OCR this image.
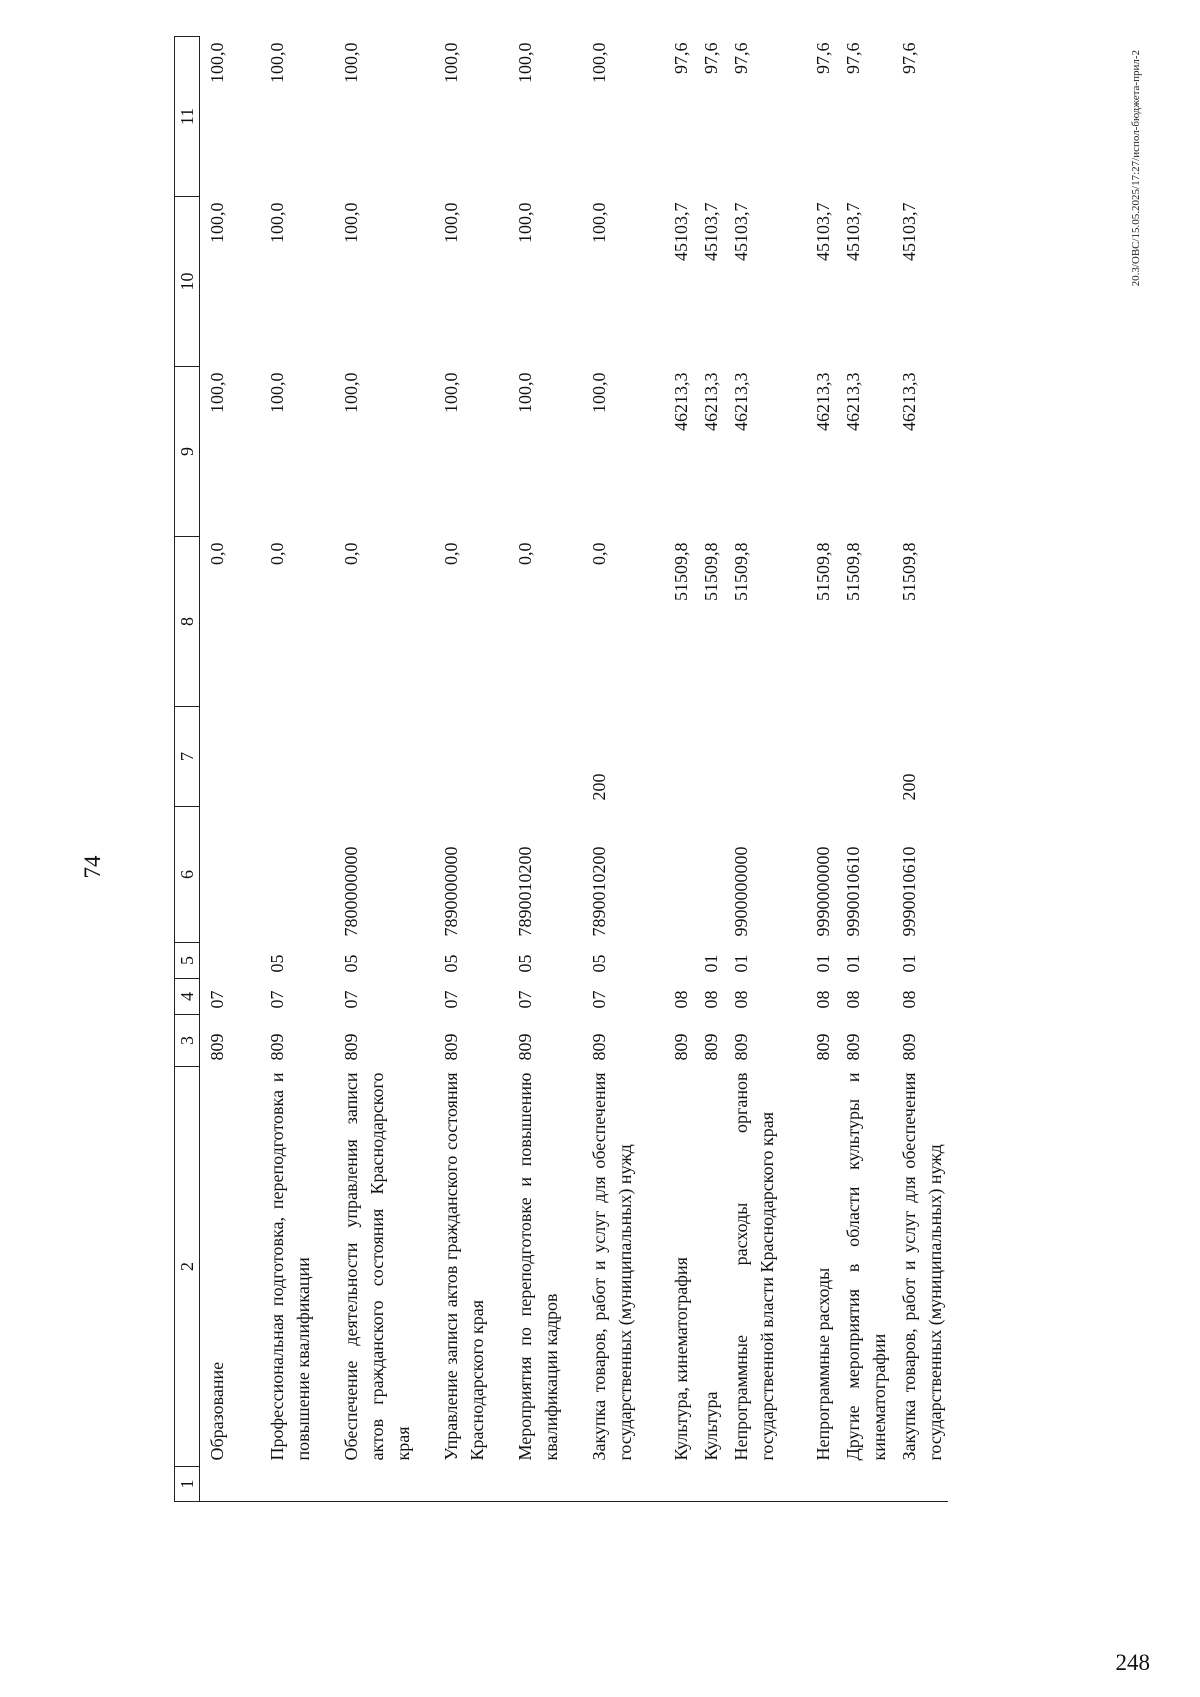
74
1	2	3	4	5	6	7	8	9	10	11
	Образование	809	07				0,0	100,0	100,0	100,0

	Профессиональная подготовка, переподготовка и повышение квалификации	809	07	05			0,0	100,0	100,0	100,0

	Обеспечение деятельности управления записи актов гражданского состояния Краснодарского края	809	07	05	7800000000		0,0	100,0	100,0	100,0

	Управление записи актов гражданского состояния Краснодарского края	809	07	05	7890000000		0,0	100,0	100,0	100,0

	Мероприятия по переподготовке и повышению квалификации кадров	809	07	05	7890010200		0,0	100,0	100,0	100,0

	Закупка товаров, работ и услуг для обеспечения государственных (муниципальных) нужд	809	07	05	7890010200	200	0,0	100,0	100,0	100,0

	Культура, кинематография	809	08				51509,8	46213,3	45103,7	97,6
	Культура	809	08	01			51509,8	46213,3	45103,7	97,6
	Непрограммные расходы органов государственной власти Краснодарского края	809	08	01	9900000000		51509,8	46213,3	45103,7	97,6

	Непрограммные расходы	809	08	01	9990000000		51509,8	46213,3	45103,7	97,6
	Другие мероприятия в области культуры и кинематографии	809	08	01	9990010610		51509,8	46213,3	45103,7	97,6
	Закупка товаров, работ и услуг для обеспечения государственных (муниципальных) нужд	809	08	01	9990010610	200	51509,8	46213,3	45103,7	97,6	20.3/ОВС/15.05.2025/17:27/испол-бюджета-прил-2
248
